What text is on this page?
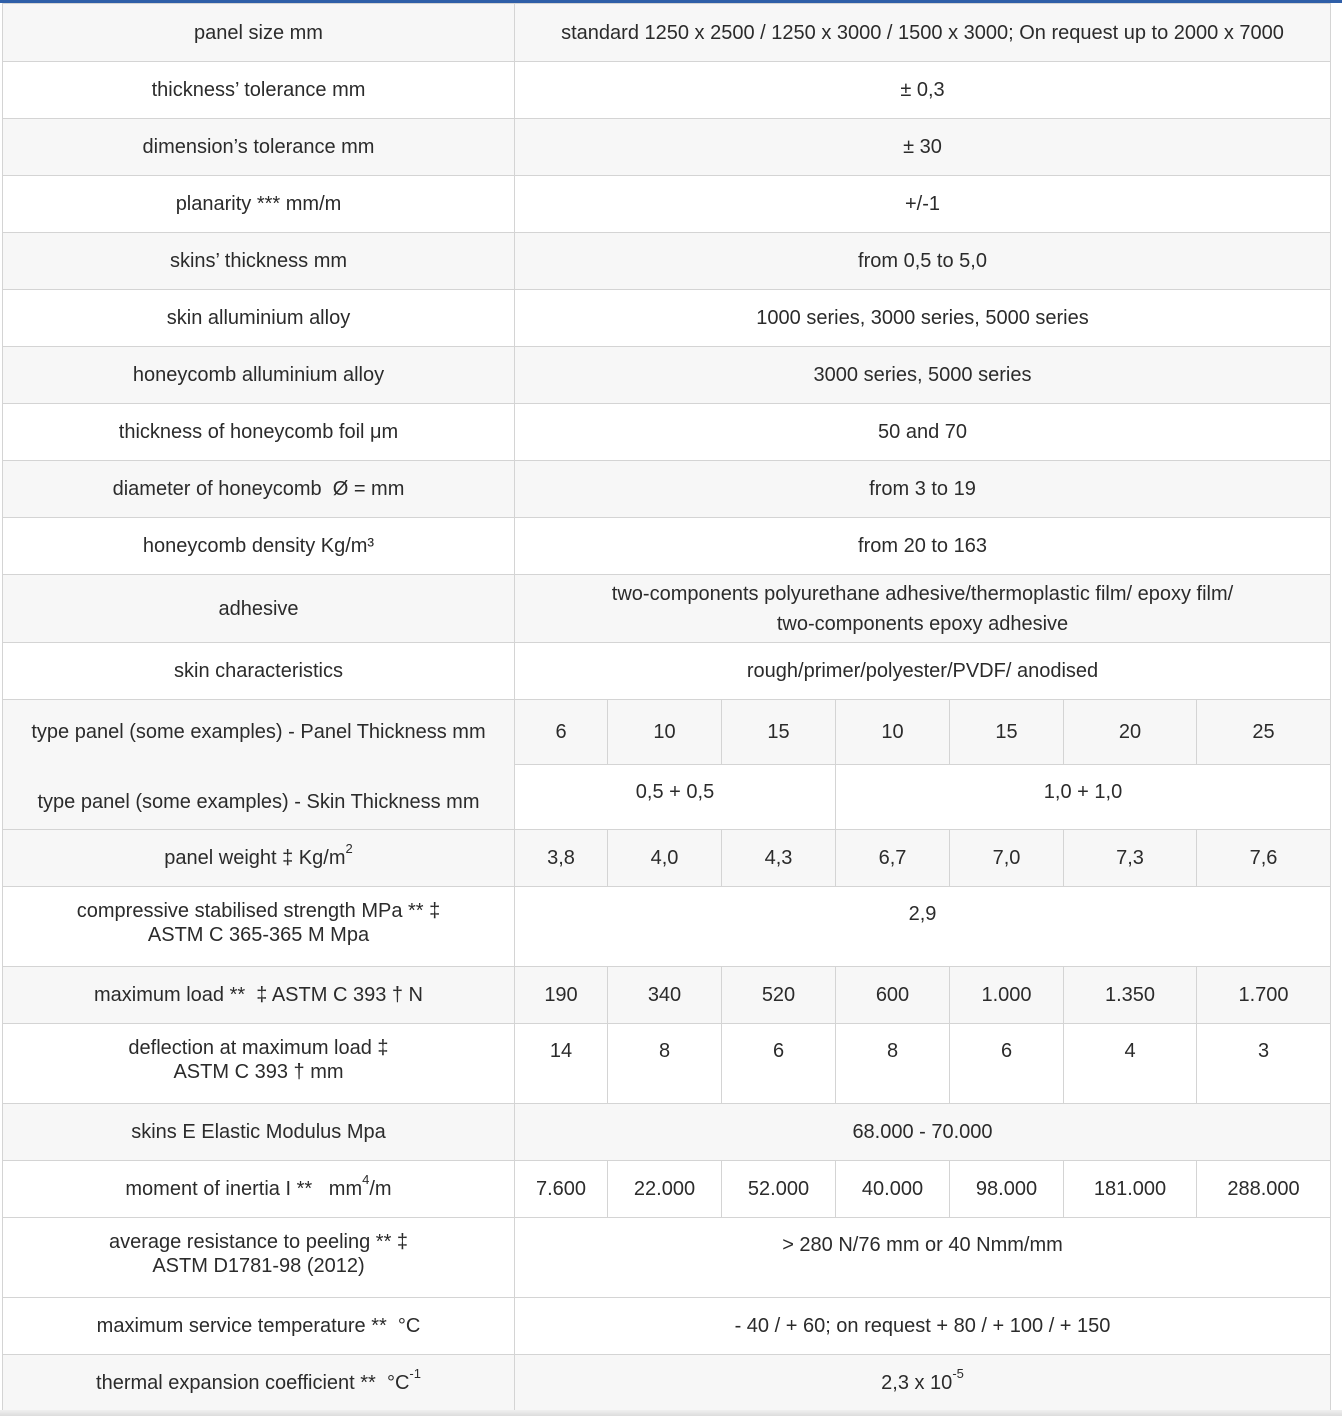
panel size mm	standard 1250 x 2500 / 1250 x 3000 / 1500 x 3000; On request up to 2000 x 7000						
thickness’ tolerance mm	± 0,3						
dimension’s tolerance mm	± 30						
planarity *** mm/m	+/-1						
skins’ thickness mm	from 0,5 to 5,0						
skin alluminium alloy	1000 series, 3000 series, 5000 series						
honeycomb alluminium alloy	3000 series, 5000 series						
thickness of honeycomb foil μm	50 and 70						
diameter of honeycomb  Ø = mm	from 3 to 19						
honeycomb density Kg/m³	from 20 to 163						
adhesive	two-components polyurethane adhesive/thermoplastic film/ epoxy film/
two-components epoxy adhesive						

skin characteristics	rough/primer/polyester/PVDF/ anodised						
type panel (some examples) - Panel Thickness mm	6	10	15	10	15	20	25
type panel (some examples) - Skin Thickness mm	0,5 + 0,5			1,0 + 1,0			
panel weight ‡ $Kg/m^2$	3,8	4,0	4,3	6,7	7,0	7,3	7,6

compressive stabilised strength MPa ** ‡
ASTM C 365-365 M Mpa	2,9						
maximum load **  ‡ ASTM C 393 † N	190	340	520	600	1.000	1.350	1.700

deflection at maximum load ‡
ASTM C 393 † mm	14	8	6	8	6	4	3
skins E Elastic Modulus Mpa	68.000 - 70.000						
moment of inertia I **   $mm^4/m$	7.600	22.000	52.000	40.000	98.000	181.000	288.000

average resistance to peeling ** ‡
ASTM D1781-98 (2012)	> 280 N/76 mm or 40 Nmm/mm						
maximum service temperature **  °C	- 40 / + 60; on request + 80 / + 100 / + 150						
thermal expansion coefficient **  $^\circ C^{-1}$	2,3 x $10^{-5}$
